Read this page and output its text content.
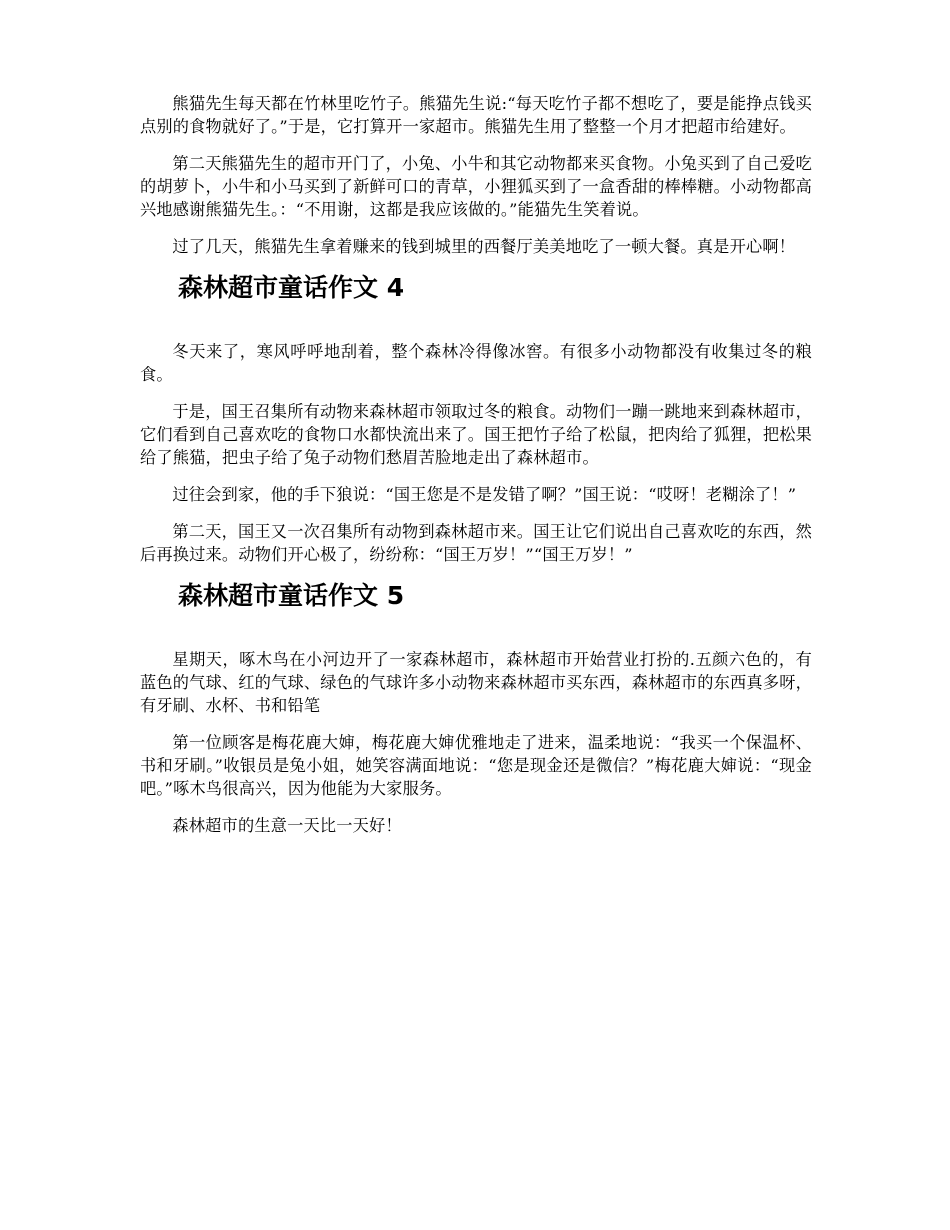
熊猫先生每天都在竹林里吃竹子。熊猫先生说:“每天吃竹子都不想吃了，要是能挣点钱买点别的食物就好了。”于是，它打算开一家超市。熊猫先生用了整整一个月才把超市给建好。

第二天熊猫先生的超市开门了，小兔、小牛和其它动物都来买食物。小兔买到了自己爱吃的胡萝卜，小牛和小马买到了新鲜可口的青草，小狸狐买到了一盒香甜的棒棒糖。小动物都高兴地感谢熊猫先生。：“不用谢，这都是我应该做的。”能猫先生笑着说。

过了几天，熊猫先生拿着赚来的钱到城里的西餐厅美美地吃了一顿大餐。真是开心啊！

森林超市童话作文 4

冬天来了，寒风呼呼地刮着，整个森林冷得像冰窖。有很多小动物都没有收集过冬的粮食。

于是，国王召集所有动物来森林超市领取过冬的粮食。动物们一蹦一跳地来到森林超市，它们看到自己喜欢吃的食物口水都快流出来了。国王把竹子给了松鼠，把肉给了狐狸，把松果给了熊猫，把虫子给了兔子动物们愁眉苦脸地走出了森林超市。

过往会到家，他的手下狼说：“国王您是不是发错了啊？”国王说：“哎呀！老糊涂了！”

第二天，国王又一次召集所有动物到森林超市来。国王让它们说出自己喜欢吃的东西，然后再换过来。动物们开心极了，纷纷称：“国王万岁！”“国王万岁！”

森林超市童话作文 5

星期天，啄木鸟在小河边开了一家森林超市，森林超市开始营业打扮的.五颜六色的，有蓝色的气球、红的气球、绿色的气球许多小动物来森林超市买东西，森林超市的东西真多呀，有牙刷、水杯、书和铅笔

第一位顾客是梅花鹿大婶，梅花鹿大婶优雅地走了进来，温柔地说：“我买一个保温杯、书和牙刷。”收银员是兔小姐，她笑容满面地说：“您是现金还是微信？”梅花鹿大婶说：“现金吧。”啄木鸟很高兴，因为他能为大家服务。

森林超市的生意一天比一天好！
